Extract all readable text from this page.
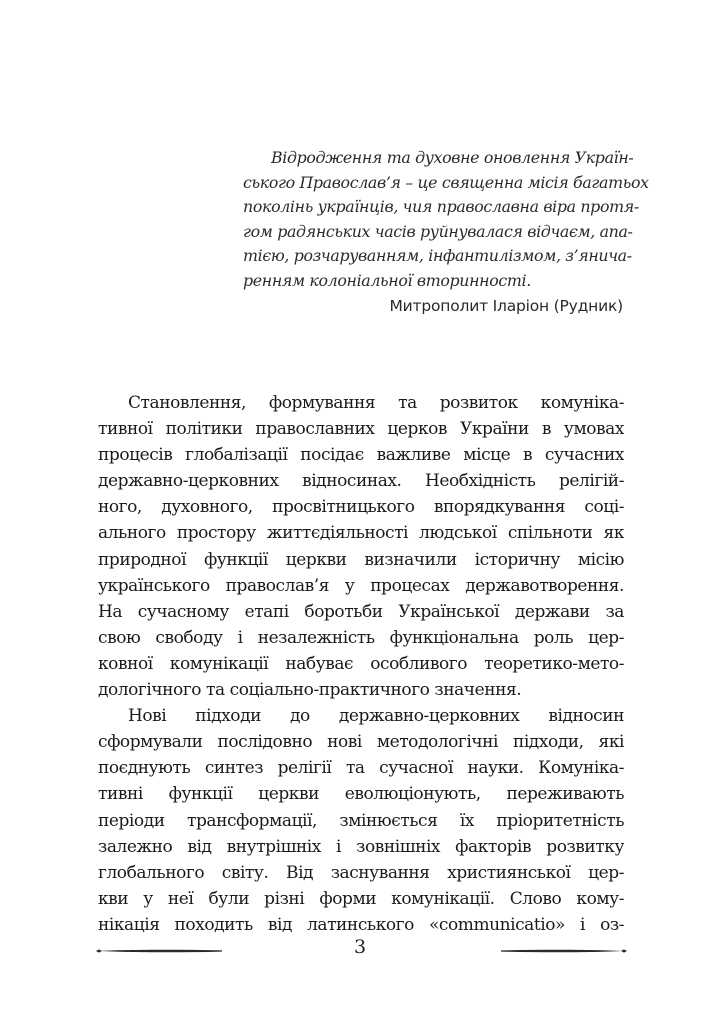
Відродження та духовне оновлення Україн-
ського Православ’я – це священна місія багатьох
поколінь українців, чия православна віра протя-
гом радянських часів руйнувалася відчаєм, апа-
тією, розчаруванням, інфантилізмом, з’янича-
ренням колоніальної вторинності.
Митрополит Іларіон (Рудник)
Становлення, формування та розвиток комуніка-
тивної політики православних церков України в умовах
процесів глобалізації посідає важливе місце в сучасних
державно-церковних відносинах. Необхідність релігій-
ного, духовного, просвітницького впорядкування соці-
ального простору життєдіяльності людської спільноти як
природної функції церкви визначили історичну місію
українського православ’я у процесах державотворення.
На сучасному етапі боротьби Української держави за
свою свободу і незалежність функціональна роль цер-
ковної комунікації набуває особливого теоретико-мето-
дологічного та соціально-практичного значення.
Нові підходи до державно-церковних відносин
сформували послідовно нові методологічні підходи, які
поєднують синтез релігії та сучасної науки. Комуніка-
тивні функції церкви еволюціонують, переживають
періоди трансформації, змінюється їх пріоритетність
залежно від внутрішніх і зовнішніх факторів розвитку
глобального світу. Від заснування християнської цер-
кви у неї були різні форми комунікації. Слово кому-
нікація походить від латинського «communicatio» і оз-
3
